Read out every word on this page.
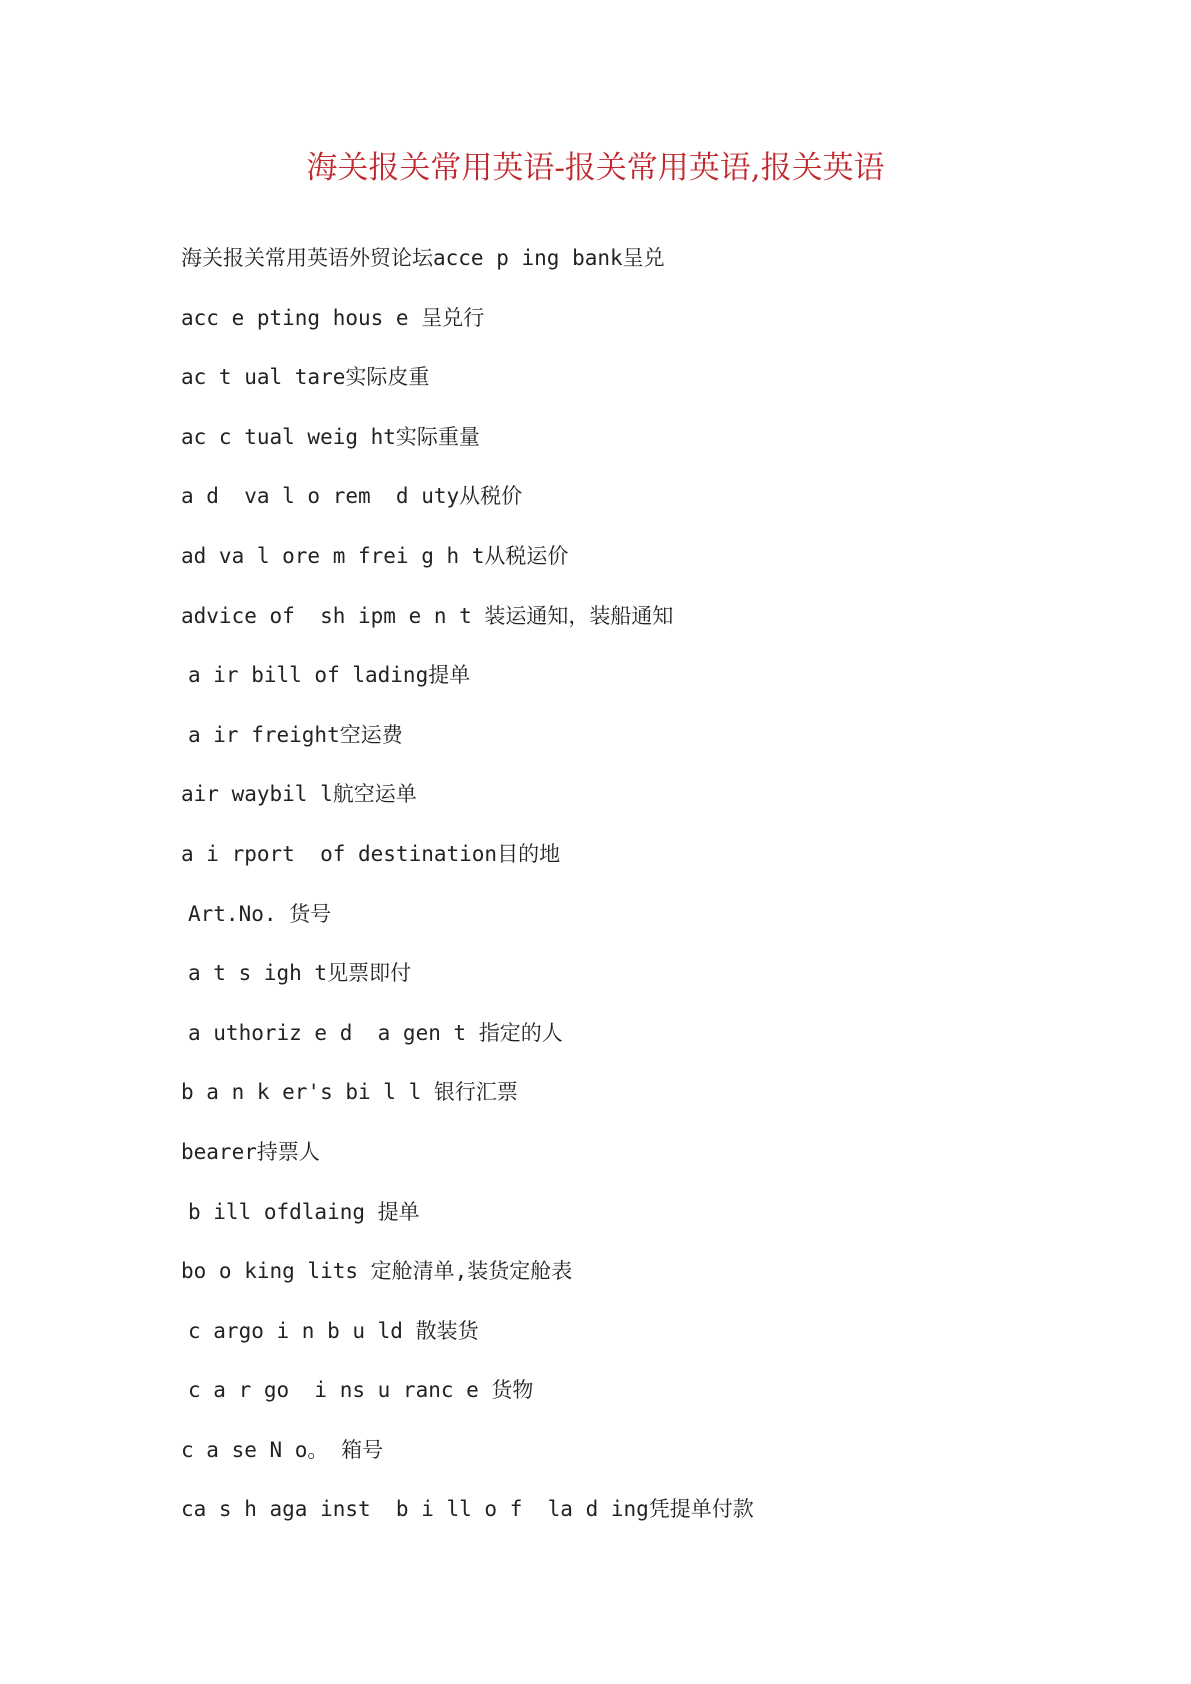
海关报关常用英语-报关常用英语,报关英语
海关报关常用英语外贸论坛acce p ing bank呈兑
acc e pting hous e 呈兑行
ac t ual tare实际皮重
ac c tual weig ht实际重量
a d  va l o rem  d uty从税价
ad va l ore m frei g h t从税运价
advice of  sh ipm e n t 装运通知，装船通知
a ir bill of lading提单
a ir freight空运费
air waybil l航空运单
a i rport  of destination目的地
Art.No. 货号
a t s igh t见票即付
a uthoriz e d  a gen t 指定的人
b a n k er's bi l l 银行汇票
bearer持票人
b ill ofdlaing 提单
bo o king lits 定舱清单,装货定舱表
c argo i n b u ld 散装货
c a r go  i ns u ranc e 货物
c a se N o。 箱号
ca s h aga inst  b i ll o f  la d ing凭提单付款
